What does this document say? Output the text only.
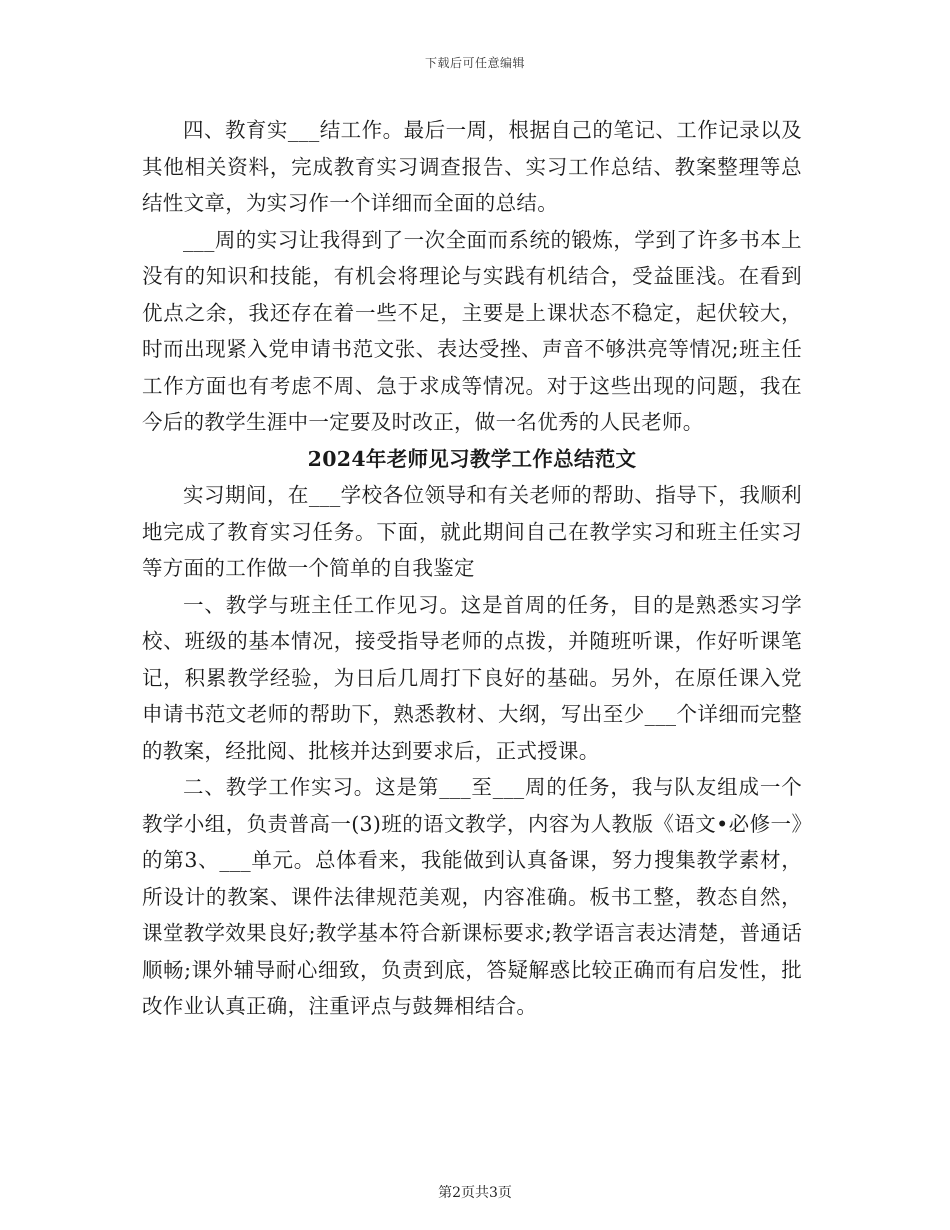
下载后可任意编辑

四、教育实___结工作。最后一周，根据自己的笔记、工作记录以及其他相关资料，完成教育实习调查报告、实习工作总结、教案整理等总结性文章，为实习作一个详细而全面的总结。

___周的实习让我得到了一次全面而系统的锻炼，学到了许多书本上没有的知识和技能，有机会将理论与实践有机结合，受益匪浅。在看到优点之余，我还存在着一些不足，主要是上课状态不稳定，起伏较大，时而出现紧入党申请书范文张、表达受挫、声音不够洪亮等情况;班主任工作方面也有考虑不周、急于求成等情况。对于这些出现的问题，我在今后的教学生涯中一定要及时改正，做一名优秀的人民老师。

2024年老师见习教学工作总结范文

实习期间，在___学校各位领导和有关老师的帮助、指导下，我顺利地完成了教育实习任务。下面，就此期间自己在教学实习和班主任实习等方面的工作做一个简单的自我鉴定

一、教学与班主任工作见习。这是首周的任务，目的是熟悉实习学校、班级的基本情况，接受指导老师的点拨，并随班听课，作好听课笔记，积累教学经验，为日后几周打下良好的基础。另外，在原任课入党申请书范文老师的帮助下，熟悉教材、大纲，写出至少___个详细而完整的教案，经批阅、批核并达到要求后，正式授课。

二、教学工作实习。这是第___至___周的任务，我与队友组成一个教学小组，负责普高一(3)班的语文教学，内容为人教版《语文•必修一》的第3、___单元。总体看来，我能做到认真备课，努力搜集教学素材，所设计的教案、课件法律规范美观，内容准确。板书工整，教态自然，课堂教学效果良好;教学基本符合新课标要求;教学语言表达清楚，普通话顺畅;课外辅导耐心细致，负责到底，答疑解惑比较正确而有启发性，批改作业认真正确，注重评点与鼓舞相结合。

第2页共3页
